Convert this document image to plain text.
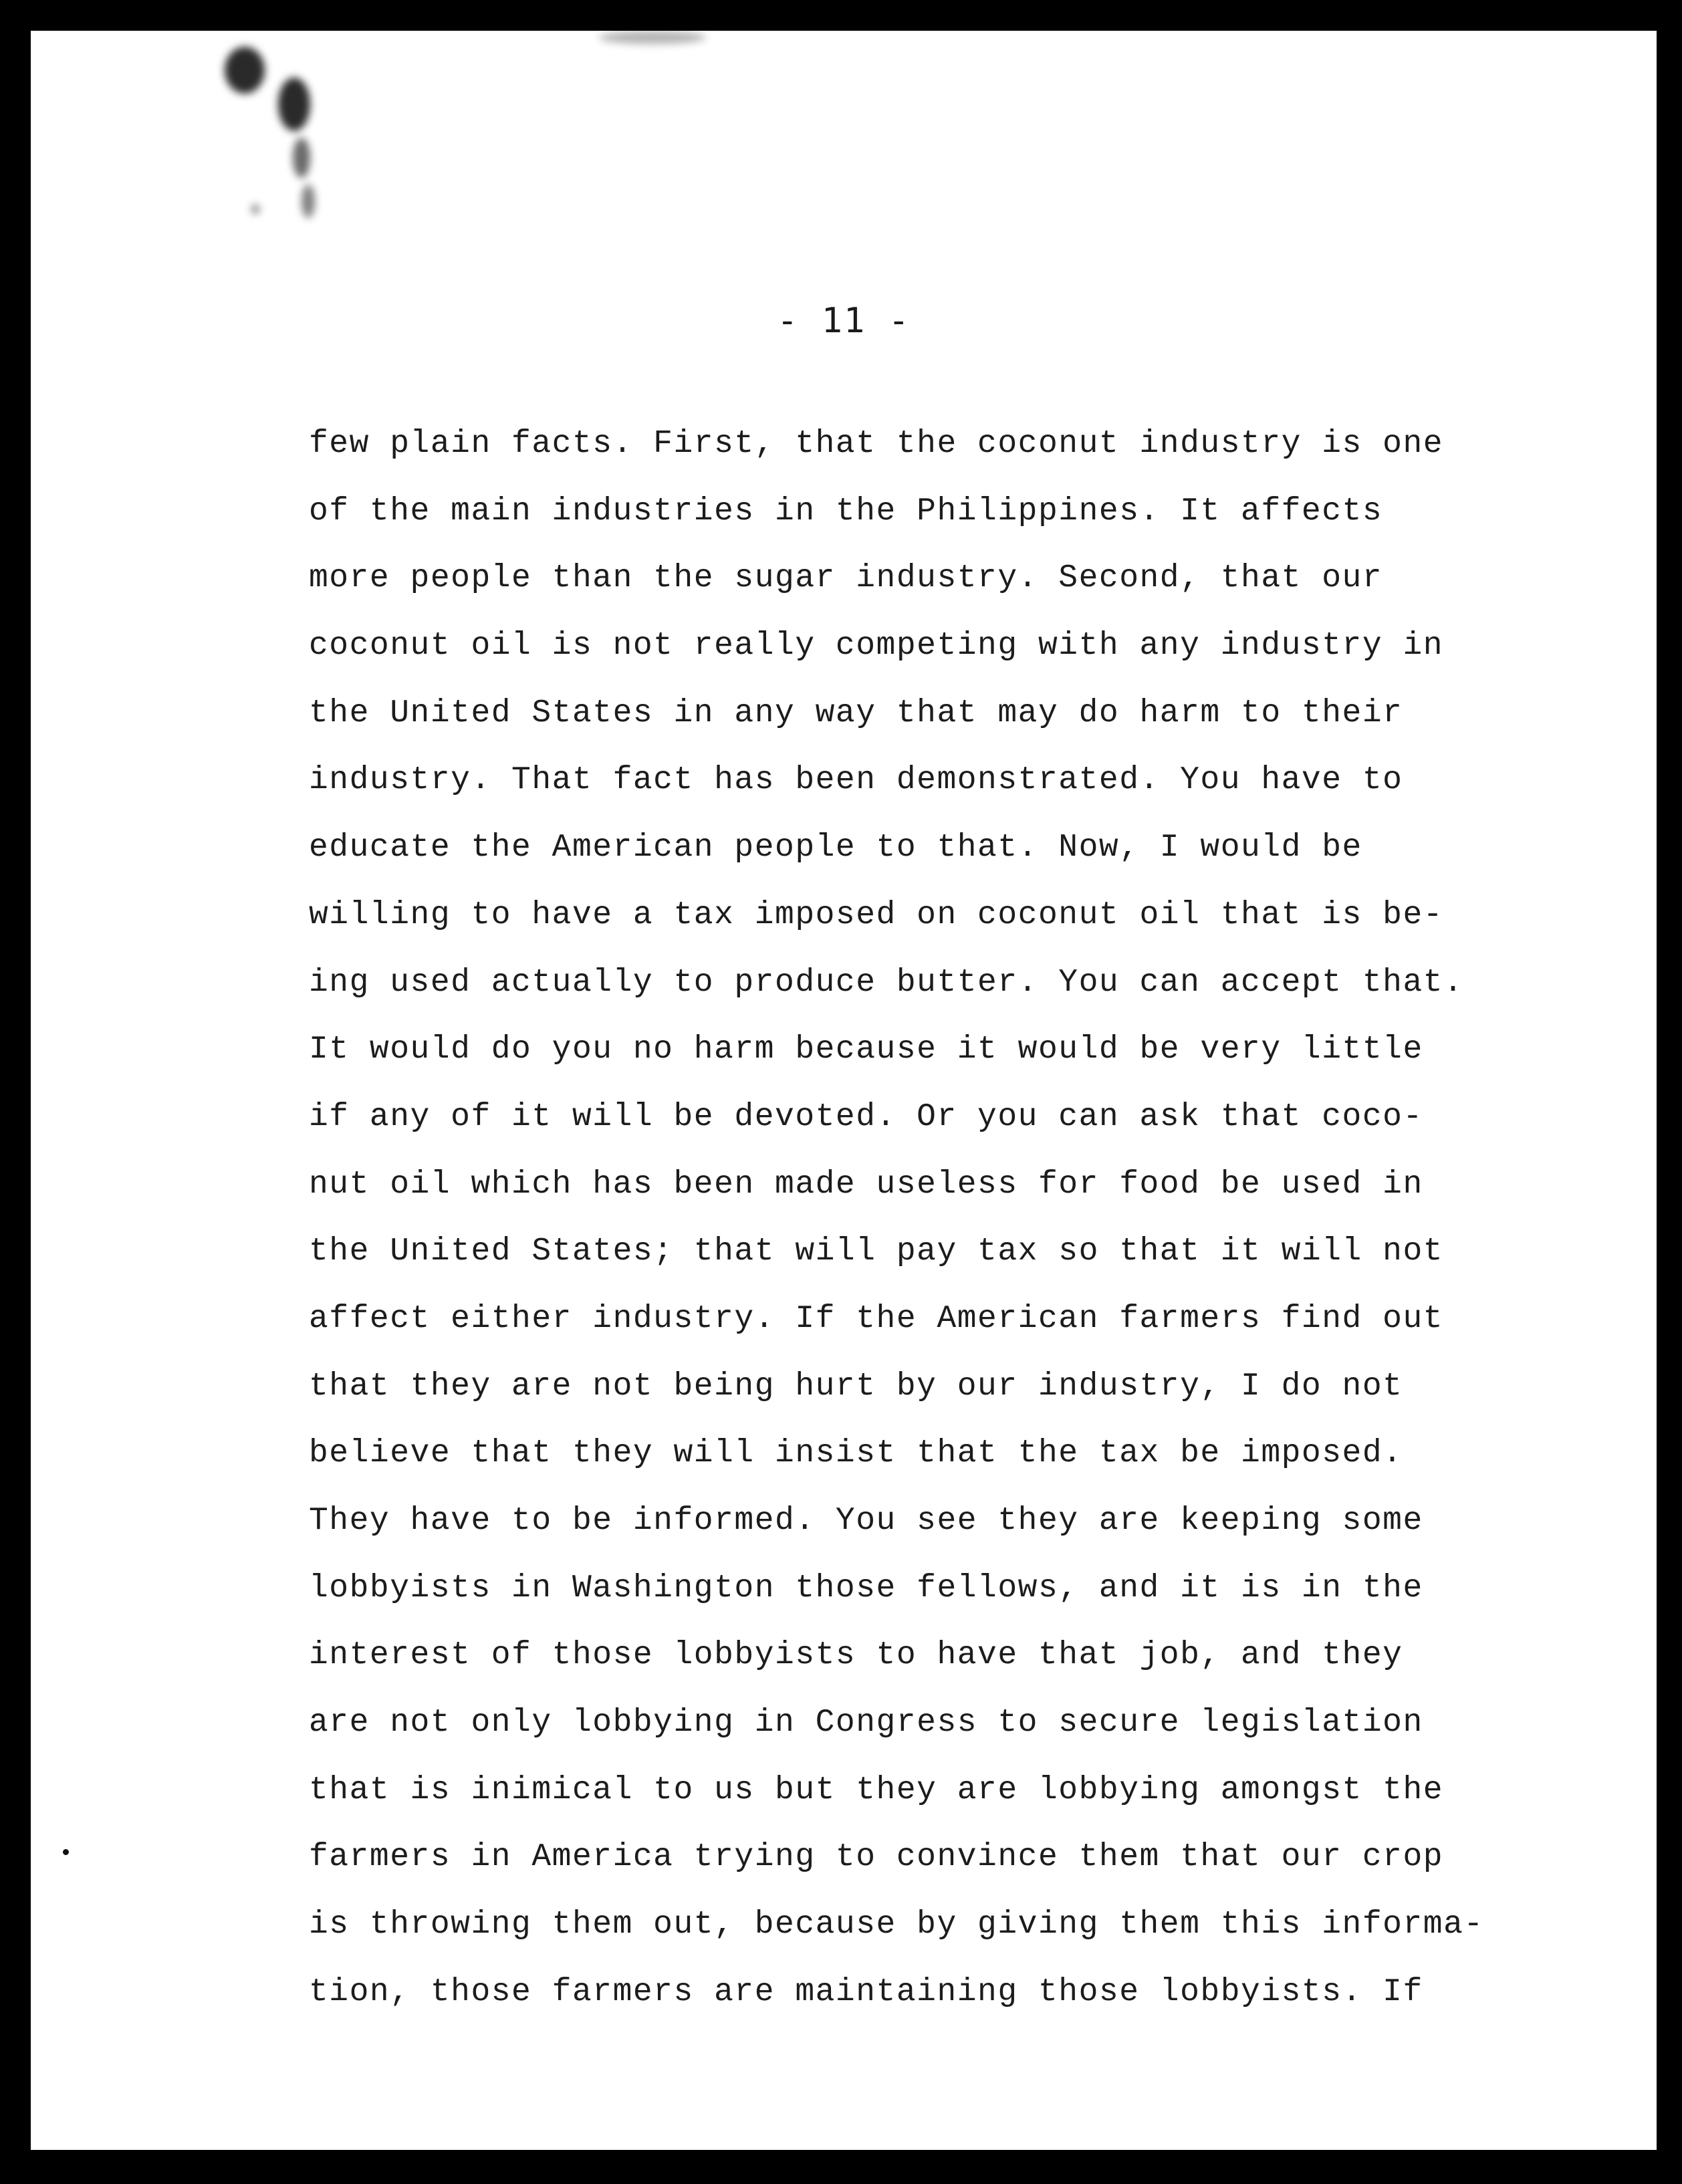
- 11 -
few plain facts. First, that the coconut industry is one
of the main industries in the Philippines. It affects
more people than the sugar industry. Second, that our
coconut oil is not really competing with any industry in
the United States in any way that may do harm to their
industry. That fact has been demonstrated. You have to
educate the American people to that. Now, I would be
willing to have a tax imposed on coconut oil that is be-
ing used actually to produce butter. You can accept that.
It would do you no harm because it would be very little
if any of it will be devoted. Or you can ask that coco-
nut oil which has been made useless for food be used in
the United States; that will pay tax so that it will not
affect either industry. If the American farmers find out
that they are not being hurt by our industry, I do not
believe that they will insist that the tax be imposed.
They have to be informed. You see they are keeping some
lobbyists in Washington those fellows, and it is in the
interest of those lobbyists to have that job, and they
are not only lobbying in Congress to secure legislation
that is inimical to us but they are lobbying amongst the
farmers in America trying to convince them that our crop
is throwing them out, because by giving them this informa-
tion, those farmers are maintaining those lobbyists. If
